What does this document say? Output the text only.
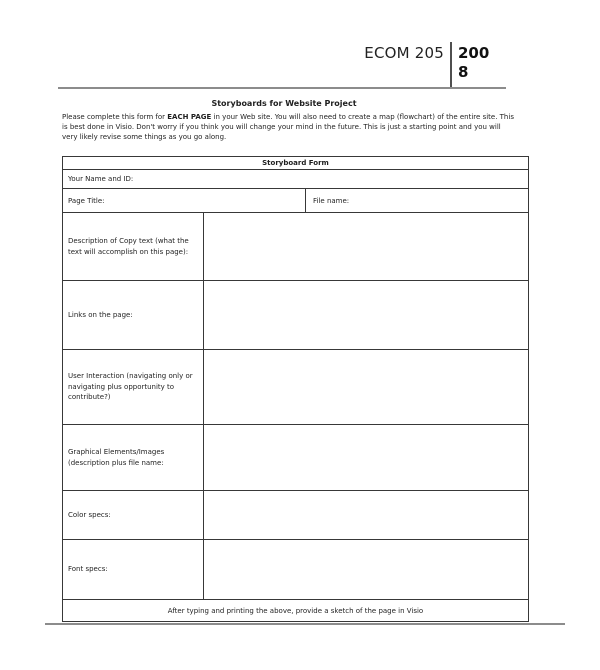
ECOM 205 2008
Storyboards for Website Project
Please complete this form for EACH PAGE in your Web site. You will also need to create a map (flowchart) of the entire site. This is best done in Visio. Don't worry if you think you will change your mind in the future. This is just a starting point and you will very likely revise some things as you go along.
Storyboard Form
Your Name and ID:
Page Title:	File name:
Description of Copy text (what the text will accomplish on this page):
Links on the page:
User Interaction (navigating only or navigating plus opportunity to contribute?)
Graphical Elements/Images (description plus file name:
Color specs:
Font specs:
After typing and printing the above, provide a sketch of the page in Visio
